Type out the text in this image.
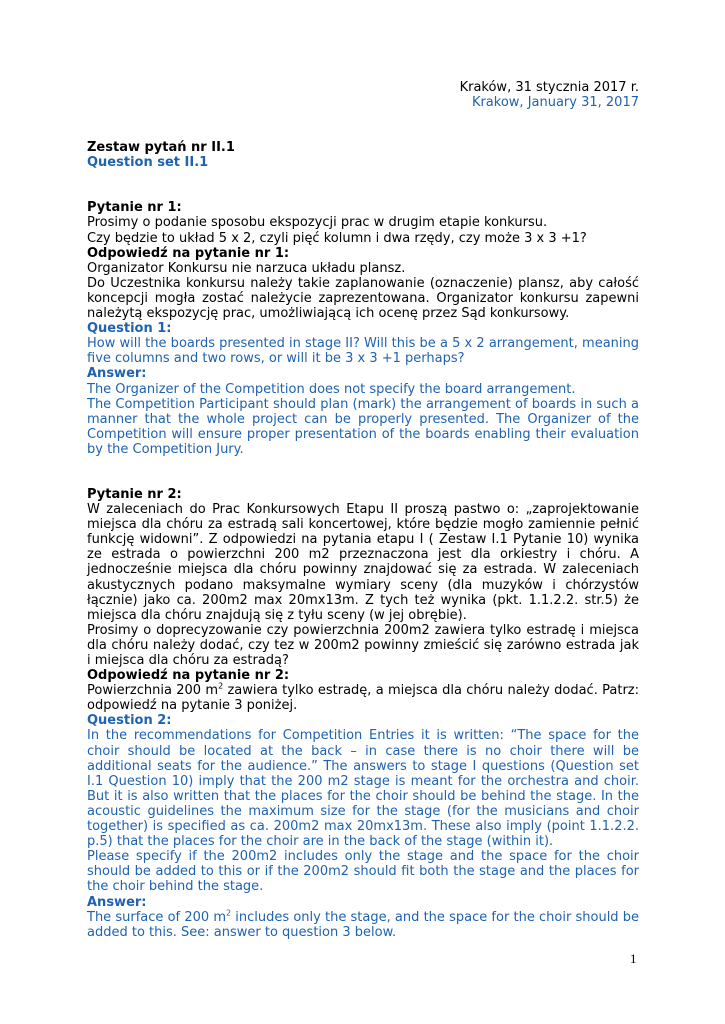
Kraków, 31 stycznia 2017 r.
Krakow, January 31, 2017
Zestaw pytań nr II.1
Question set II.1
Pytanie nr 1:
Prosimy o podanie sposobu ekspozycji prac w drugim etapie konkursu.
Czy będzie to układ 5 x 2, czyli pięć kolumn i dwa rzędy, czy może 3 x 3 +1?
Odpowiedź na pytanie nr 1:
Organizator Konkursu nie narzuca układu plansz.
Do Uczestnika konkursu należy takie zaplanowanie (oznaczenie) plansz, aby całość koncepcji mogła zostać należycie zaprezentowana. Organizator konkursu zapewni należytą ekspozycję prac, umożliwiającą ich ocenę przez Sąd konkursowy.
Question 1:
How will the boards presented in stage II? Will this be a 5 x 2 arrangement, meaning five columns and two rows, or will it be 3 x 3 +1 perhaps?
Answer:
The Organizer of the Competition does not specify the board arrangement.
The Competition Participant should plan (mark) the arrangement of boards in such a manner that the whole project can be properly presented. The Organizer of the Competition will ensure proper presentation of the boards enabling their evaluation by the Competition Jury.
Pytanie nr 2:
W zaleceniach do Prac Konkursowych Etapu II proszą pastwo o: „zaprojektowanie miejsca dla chóru za estradą sali koncertowej, które będzie mogło zamiennie pełnić funkcję widowni”. Z odpowiedzi na pytania etapu I ( Zestaw I.1 Pytanie 10) wynika ze estrada o powierzchni 200 m2 przeznaczona jest dla orkiestry i chóru. A jednocześnie miejsca dla chóru powinny znajdować się za estrada. W zaleceniach akustycznych podano maksymalne wymiary sceny (dla muzyków i chórzystów łącznie) jako ca. 200m2 max 20mx13m. Z tych też wynika (pkt. 1.1.2.2. str.5) że miejsca dla chóru znajdują się z tyłu sceny (w jej obrębie).
Prosimy o doprecyzowanie czy powierzchnia 200m2 zawiera tylko estradę i miejsca dla chóru należy dodać, czy tez w 200m2 powinny zmieścić się zarówno estrada jak i miejsca dla chóru za estradą?
Odpowiedź na pytanie nr 2:
Powierzchnia 200 $m^2$ zawiera tylko estradę, a miejsca dla chóru należy dodać. Patrz: odpowiedź na pytanie 3 poniżej.
Question 2:
In the recommendations for Competition Entries it is written: “The space for the choir should be located at the back – in case there is no choir there will be additional seats for the audience.” The answers to stage I questions (Question set I.1 Question 10) imply that the 200 m2 stage is meant for the orchestra and choir. But it is also written that the places for the choir should be behind the stage. In the acoustic guidelines the maximum size for the stage (for the musicians and choir together) is specified as ca. 200m2 max 20mx13m. These also imply (point 1.1.2.2. p.5) that the places for the choir are in the back of the stage (within it).
Please specify if the 200m2 includes only the stage and the space for the choir should be added to this or if the 200m2 should fit both the stage and the places for the choir behind the stage.
Answer:
The surface of 200 $m^2$ includes only the stage, and the space for the choir should be added to this. See: answer to question 3 below.
1
